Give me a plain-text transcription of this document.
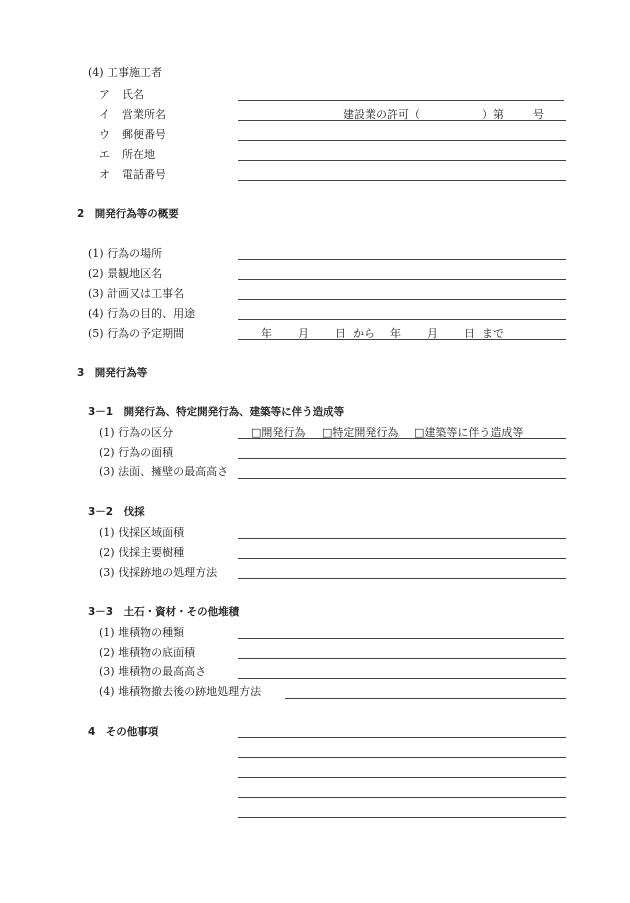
(4) 工事施工者
ア 氏名
イ 営業所名	建設業の許可（	）第	号
ウ 郵便番号
エ 所在地
オ 電話番号
2　開発行為等の概要
(1) 行為の場所
(2) 景観地区名
(3) 計画又は工事名
(4) 行為の目的、用途
(5) 行為の予定期間	年 月 日 から 年 月 日 まで
3　開発行為等
3－1　開発行為、特定開発行為、建築等に伴う造成等
(1) 行為の区分	□開発行為 □特定開発行為 □建築等に伴う造成等
(2) 行為の面積
(3) 法面、擁壁の最高高さ
3－2　伐採
(1) 伐採区域面積
(2) 伐採主要樹種
(3) 伐採跡地の処理方法
3－3　土石・資材・その他堆積
(1) 堆積物の種類
(2) 堆積物の底面積
(3) 堆積物の最高高さ
(4) 堆積物撤去後の跡地処理方法
4　その他事項
